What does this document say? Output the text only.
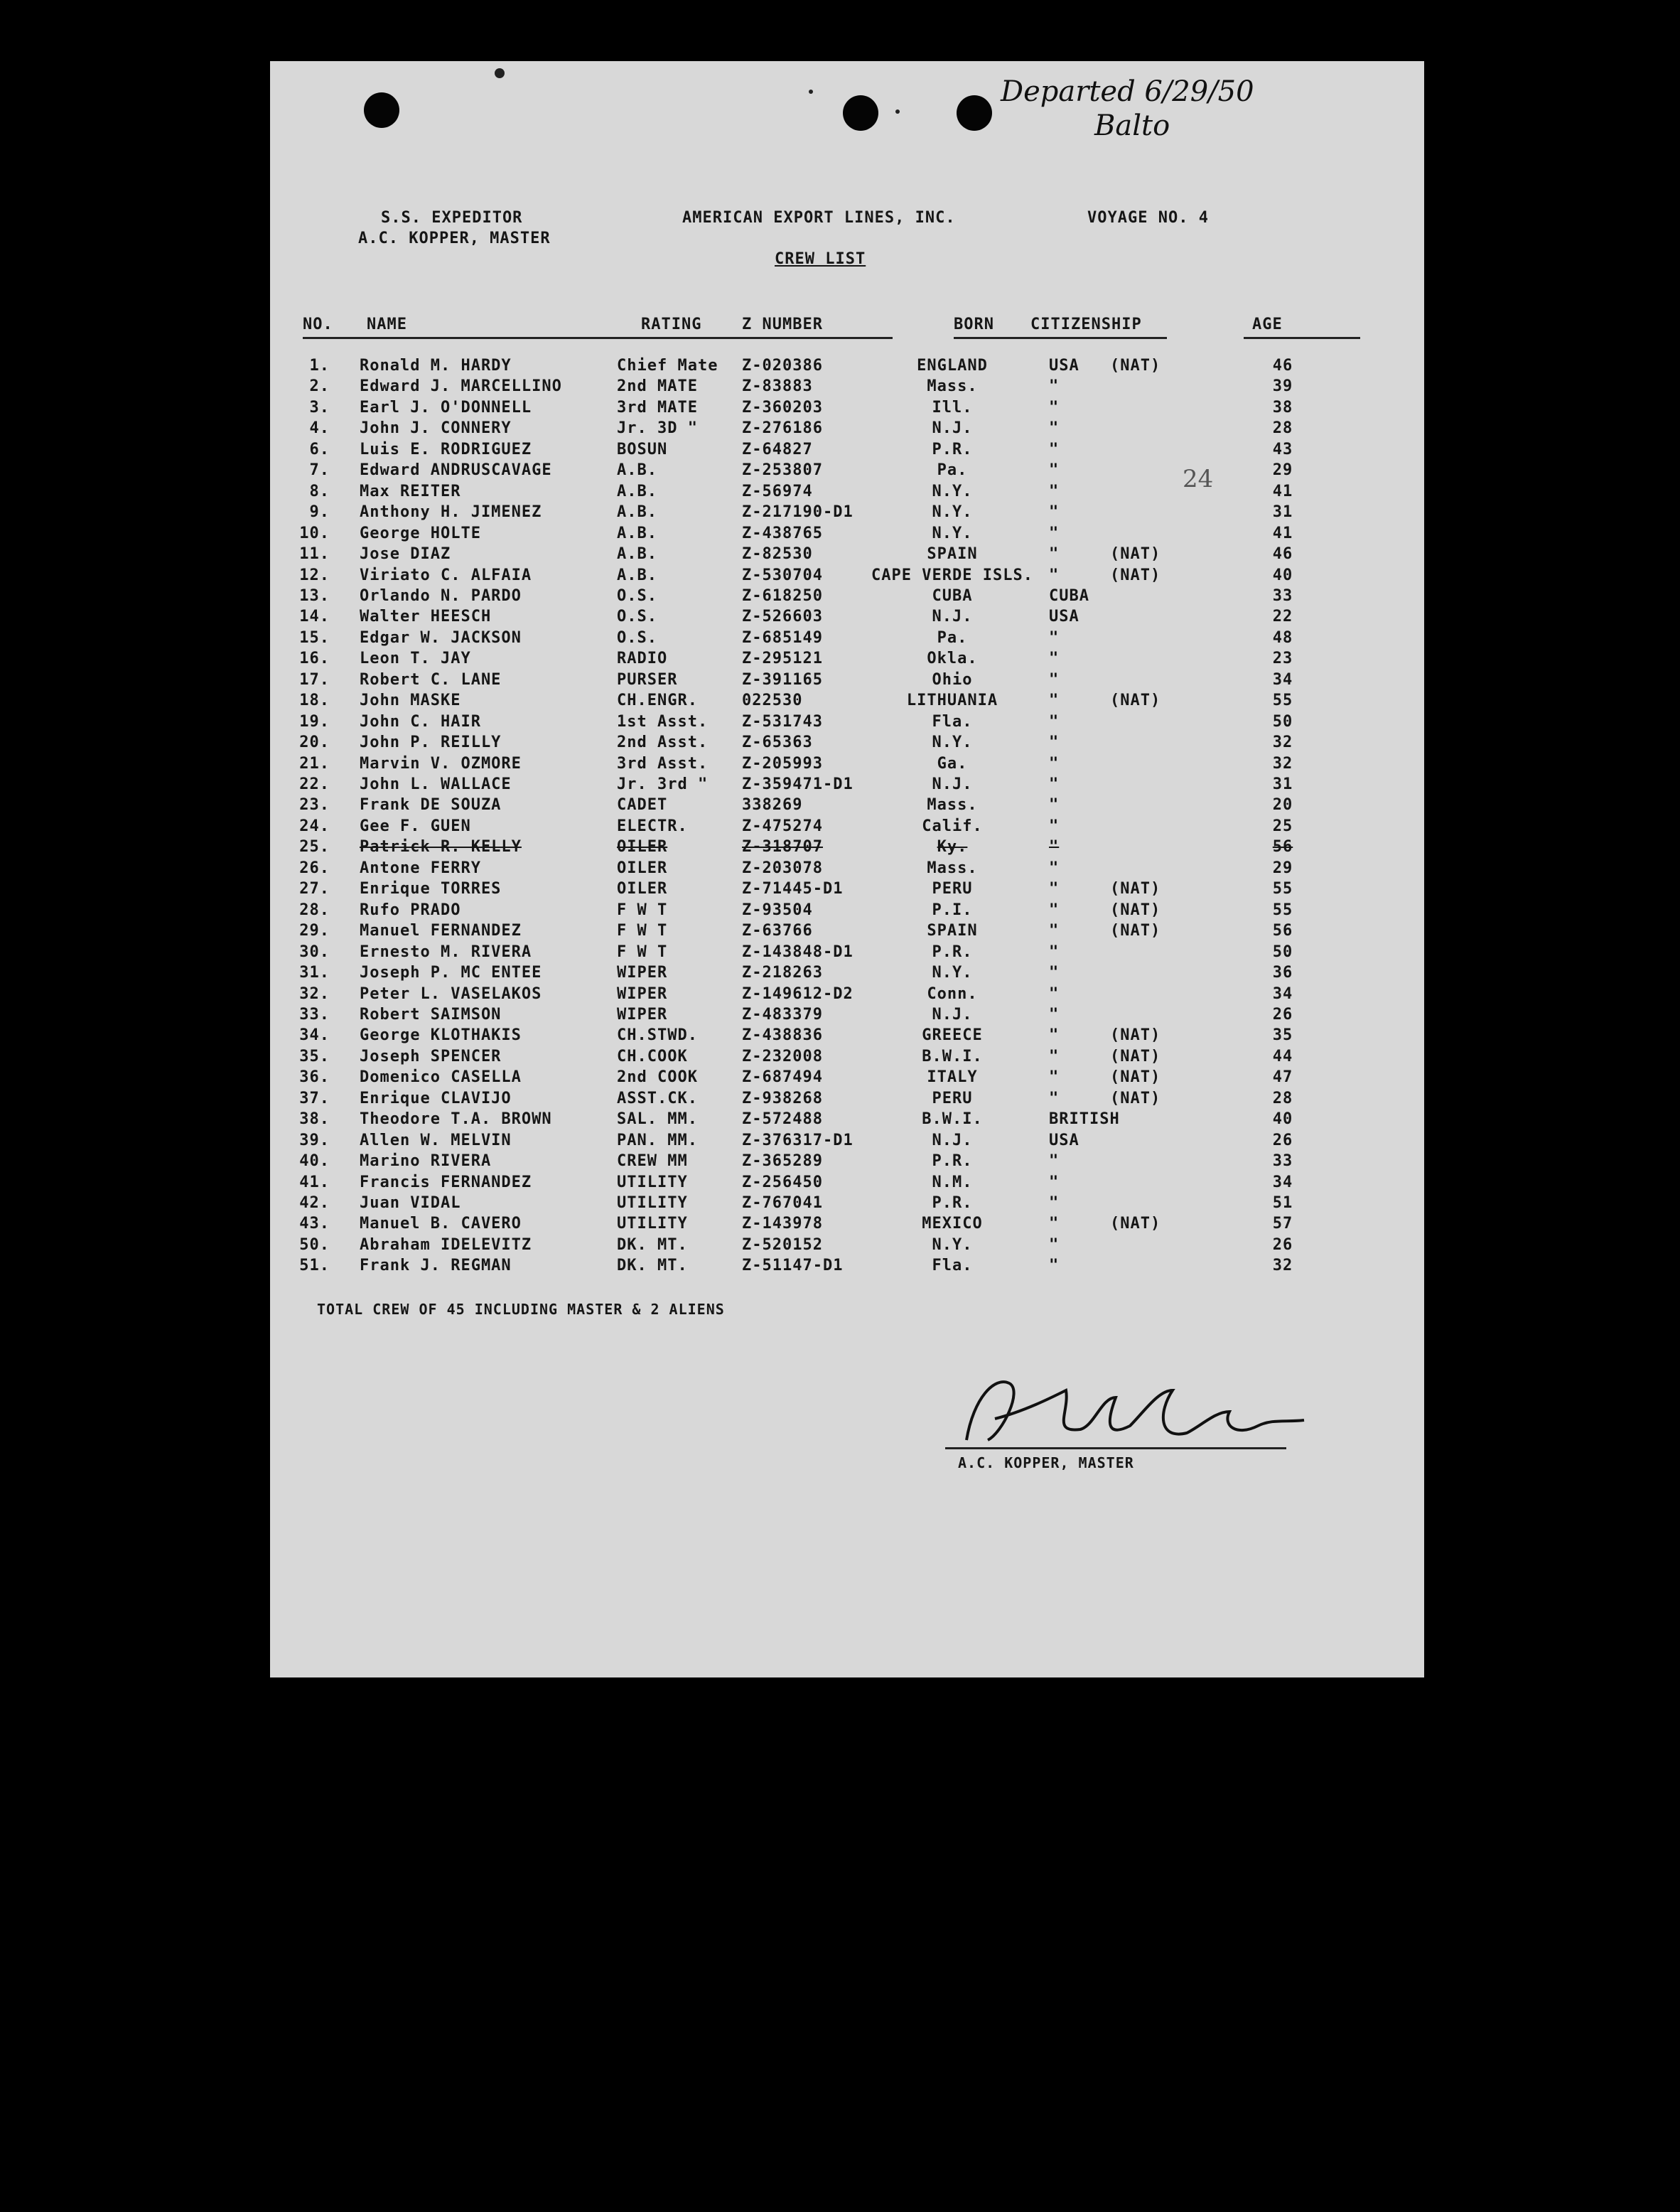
Departed 6/29/50
Balto
S.S. EXPEDITOR
A.C. KOPPER, MASTER
AMERICAN EXPORT LINES, INC.	VOYAGE NO. 4
CREW LIST
NO. NAME	RATING	Z NUMBER	BORN CITIZENSHIP	AGE
24
1. Ronald M. HARDY	Chief Mate Z-020386	ENGLAND	USA (NAT)	46
2. Edward J. MARCELLINO	2nd MATE	Z-83883	Mass.	"	39
3. Earl J. O'DONNELL	3rd MATE	Z-360203	Ill.	"	38
4. John J. CONNERY	Jr. 3D "	Z-276186	N.J.	"	28
6. Luis E. RODRIGUEZ	BOSUN	Z-64827	P.R.	"	43
7. Edward ANDRUSCAVAGE	A.B.	Z-253807	Pa.	"	29
8. Max REITER	A.B.	Z-56974	N.Y.	"	41
9. Anthony H. JIMENEZ	A.B.	Z-217190-D1	N.Y.	"	31
10. George HOLTE	A.B.	Z-438765	N.Y.	"	41
11. Jose DIAZ	A.B.	Z-82530	SPAIN	"	(NAT)	46
12. Viriato C. ALFAIA	A.B.	Z-530704	CAPE VERDE ISLS.	"	(NAT)	40
13. Orlando N. PARDO	O.S.	Z-618250	CUBA	CUBA	33
14. Walter HEESCH	O.S.	Z-526603	N.J.	USA	22
15. Edgar W. JACKSON	O.S.	Z-685149	Pa.	"	48
16. Leon T. JAY	RADIO	Z-295121	Okla.	"	23
17. Robert C. LANE	PURSER	Z-391165	Ohio	"	34
18. John MASKE	CH.ENGR.	022530	LITHUANIA	"	(NAT)	55
19. John C. HAIR	1st Asst. Z-531743	Fla.	"	50
20. John P. REILLY	2nd Asst. Z-65363	N.Y.	"	32
21. Marvin V. OZMORE	3rd Asst. Z-205993	Ga.	"	32
22. John L. WALLACE	Jr. 3rd " Z-359471-D1	N.J.	"	31
23. Frank DE SOUZA	CADET	338269	Mass.	"	20
24. Gee F. GUEN	ELECTR.	Z-475274	Calif.	"	25
25. Patrick R. KELLY	OILER	Z-318707	Ky.	"	56
26. Antone FERRY	OILER	Z-203078	Mass.	"	29
27. Enrique TORRES	OILER	Z-71445-D1	PERU	"	(NAT)	55
28. Rufo PRADO	F W T	Z-93504	P.I.	"	(NAT)	55
29. Manuel FERNANDEZ	F W T	Z-63766	SPAIN	"	(NAT)	56
30. Ernesto M. RIVERA	F W T	Z-143848-D1	P.R.	"	50
31. Joseph P. MC ENTEE	WIPER	Z-218263	N.Y.	"	36
32. Peter L. VASELAKOS	WIPER	Z-149612-D2	Conn.	"	34
33. Robert SAIMSON	WIPER	Z-483379	N.J.	"	26
34. George KLOTHAKIS	CH.STWD.	Z-438836	GREECE	"	(NAT)	35
35. Joseph SPENCER	CH.COOK	Z-232008	B.W.I.	"	(NAT)	44
36. Domenico CASELLA	2nd COOK	Z-687494	ITALY	"	(NAT)	47
37. Enrique CLAVIJO	ASST.CK.	Z-938268	PERU	"	(NAT)	28
38. Theodore T.A. BROWN	SAL. MM.	Z-572488	B.W.I.	BRITISH	40
39. Allen W. MELVIN	PAN. MM.	Z-376317-D1	N.J.	USA	26
40. Marino RIVERA	CREW MM	Z-365289	P.R.	"	33
41. Francis FERNANDEZ	UTILITY	Z-256450	N.M.	"	34
42. Juan VIDAL	UTILITY	Z-767041	P.R.	"	51
43. Manuel B. CAVERO	UTILITY	Z-143978	MEXICO	"	(NAT)	57
50. Abraham IDELEVITZ	DK. MT.	Z-520152	N.Y.	"	26
51. Frank J. REGMAN	DK. MT.	Z-51147-D1	Fla.	"	32
TOTAL CREW OF 45 INCLUDING MASTER & 2 ALIENS
A.C. KOPPER, MASTER
